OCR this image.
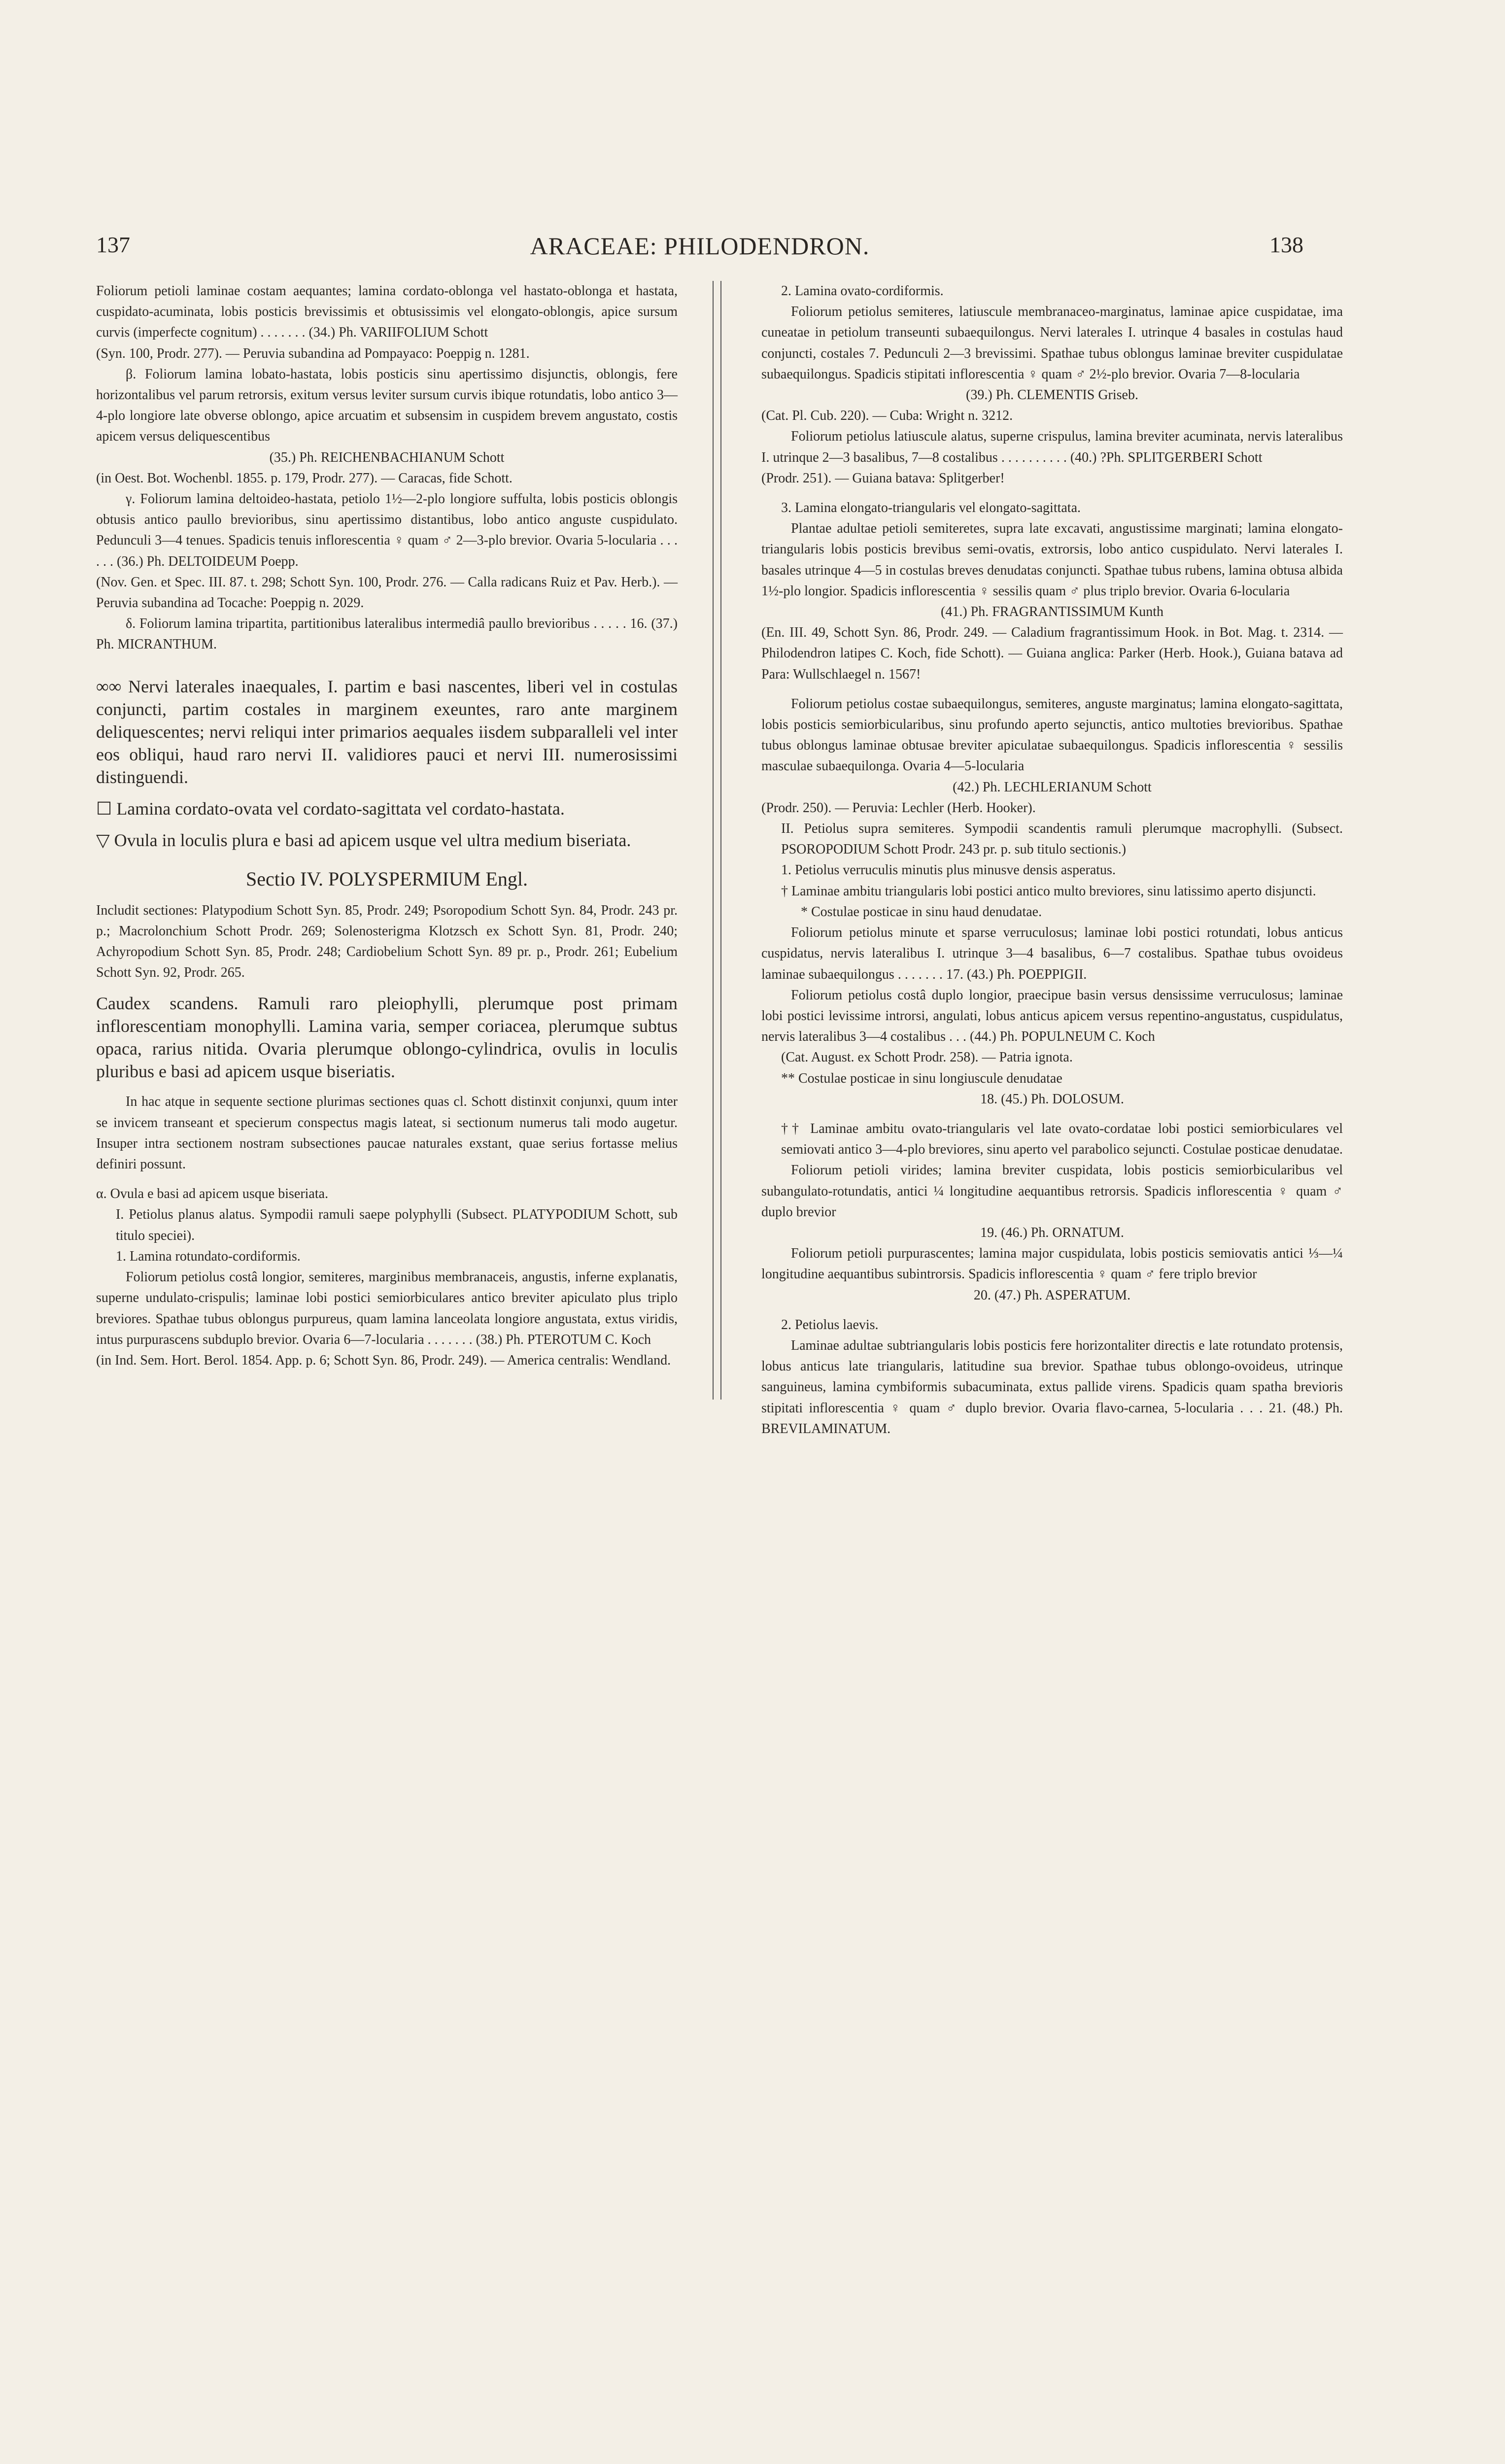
137	ARACEAE: PHILODENDRON.	138

Foliorum petioli laminae costam aequantes; lamina cordato-oblonga vel hastato-oblonga et hastata, cuspidato-acuminata, lobis posticis brevissimis et obtusissimis vel elongato-oblongis, apice sursum curvis (imperfecte cognitum) . . . . . . . (34.) Ph. VARIIFOLIUM Schott

(Syn. 100, Prodr. 277). — Peruvia subandina ad Pompayaco: Poeppig n. 1281.

β. Foliorum lamina lobato-hastata, lobis posticis sinu apertissimo disjunctis, oblongis, fere horizontalibus vel parum retrorsis, exitum versus leviter sursum curvis ibique rotundatis, lobo antico 3—4-plo longiore late obverse oblongo, apice arcuatim et subsensim in cuspidem brevem angustato, costis apicem versus deliquescentibus

(35.) Ph. REICHENBACHIANUM Schott

(in Oest. Bot. Wochenbl. 1855. p. 179, Prodr. 277). — Caracas, fide Schott.

γ. Foliorum lamina deltoideo-hastata, petiolo 1½—2-plo longiore suffulta, lobis posticis oblongis obtusis antico paullo brevioribus, sinu apertissimo distantibus, lobo antico anguste cuspidulato. Pedunculi 3—4 tenues. Spadicis tenuis inflorescentia ♀ quam ♂ 2—3-plo brevior. Ovaria 5-locularia . . . . . . (36.) Ph. DELTOIDEUM Poepp.

(Nov. Gen. et Spec. III. 87. t. 298; Schott Syn. 100, Prodr. 276. — Calla radicans Ruiz et Pav. Herb.). — Peruvia subandina ad Tocache: Poeppig n. 2029.

δ. Foliorum lamina tripartita, partitionibus lateralibus intermediâ paullo brevioribus . . . . . 16. (37.) Ph. MICRANTHUM.

∞∞ Nervi laterales inaequales, I. partim e basi nascentes, liberi vel in costulas conjuncti, partim costales in marginem exeuntes, raro ante marginem deliquescentes; nervi reliqui inter primarios aequales iisdem subparalleli vel inter eos obliqui, haud raro nervi II. validiores pauci et nervi III. numerosissimi distinguendi.

☐ Lamina cordato-ovata vel cordato-sagittata vel cordato-hastata.

▽ Ovula in loculis plura e basi ad apicem usque vel ultra medium biseriata.

Sectio IV. POLYSPERMIUM Engl.

Includit sectiones: Platypodium Schott Syn. 85, Prodr. 249; Psoropodium Schott Syn. 84, Prodr. 243 pr. p.; Macrolonchium Schott Prodr. 269; Solenosterigma Klotzsch ex Schott Syn. 81, Prodr. 240; Achyropodium Schott Syn. 85, Prodr. 248; Cardiobelium Schott Syn. 89 pr. p., Prodr. 261; Eubelium Schott Syn. 92, Prodr. 265.

Caudex scandens. Ramuli raro pleiophylli, plerumque post primam inflorescentiam monophylli. Lamina varia, semper coriacea, plerumque subtus opaca, rarius nitida. Ovaria plerumque oblongo-cylindrica, ovulis in loculis pluribus e basi ad apicem usque biseriatis.

In hac atque in sequente sectione plurimas sectiones quas cl. Schott distinxit conjunxi, quum inter se invicem transeant et specierum conspectus magis lateat, si sectionum numerus tali modo augetur. Insuper intra sectionem nostram subsectiones paucae naturales exstant, quae serius fortasse melius definiri possunt.

α. Ovula e basi ad apicem usque biseriata.

I. Petiolus planus alatus. Sympodii ramuli saepe polyphylli (Subsect. PLATYPODIUM Schott, sub titulo speciei).

1. Lamina rotundato-cordiformis.

Foliorum petiolus costâ longior, semiteres, marginibus membranaceis, angustis, inferne explanatis, superne undulato-crispulis; laminae lobi postici semiorbiculares antico breviter apiculato plus triplo breviores. Spathae tubus oblongus purpureus, quam lamina lanceolata longiore angustata, extus viridis, intus purpurascens subduplo brevior. Ovaria 6—7-locularia . . . . . . . (38.) Ph. PTEROTUM C. Koch

(in Ind. Sem. Hort. Berol. 1854. App. p. 6; Schott Syn. 86, Prodr. 249). — America centralis: Wendland.

2. Lamina ovato-cordiformis.

Foliorum petiolus semiteres, latiuscule membranaceo-marginatus, laminae apice cuspidatae, ima cuneatae in petiolum transeunti subaequilongus. Nervi laterales I. utrinque 4 basales in costulas haud conjuncti, costales 7. Pedunculi 2—3 brevissimi. Spathae tubus oblongus laminae breviter cuspidulatae subaequilongus. Spadicis stipitati inflorescentia ♀ quam ♂ 2½-plo brevior. Ovaria 7—8-locularia

(39.) Ph. CLEMENTIS Griseb.

(Cat. Pl. Cub. 220). — Cuba: Wright n. 3212.

Foliorum petiolus latiuscule alatus, superne crispulus, lamina breviter acuminata, nervis lateralibus I. utrinque 2—3 basalibus, 7—8 costalibus . . . . . . . . . . (40.) ?Ph. SPLITGERBERI Schott

(Prodr. 251). — Guiana batava: Splitgerber!

3. Lamina elongato-triangularis vel elongato-sagittata.

Plantae adultae petioli semiteretes, supra late excavati, angustissime marginati; lamina elongato-triangularis lobis posticis brevibus semi-ovatis, extrorsis, lobo antico cuspidulato. Nervi laterales I. basales utrinque 4—5 in costulas breves denudatas conjuncti. Spathae tubus rubens, lamina obtusa albida 1½-plo longior. Spadicis inflorescentia ♀ sessilis quam ♂ plus triplo brevior. Ovaria 6-locularia

(41.) Ph. FRAGRANTISSIMUM Kunth

(En. III. 49, Schott Syn. 86, Prodr. 249. — Caladium fragrantissimum Hook. in Bot. Mag. t. 2314. — Philodendron latipes C. Koch, fide Schott). — Guiana anglica: Parker (Herb. Hook.), Guiana batava ad Para: Wullschlaegel n. 1567!

Foliorum petiolus costae subaequilongus, semiteres, anguste marginatus; lamina elongato-sagittata, lobis posticis semiorbicularibus, sinu profundo aperto sejunctis, antico multoties brevioribus. Spathae tubus oblongus laminae obtusae breviter apiculatae subaequilongus. Spadicis inflorescentia ♀ sessilis masculae subaequilonga. Ovaria 4—5-locularia

(42.) Ph. LECHLERIANUM Schott

(Prodr. 250). — Peruvia: Lechler (Herb. Hooker).

II. Petiolus supra semiteres. Sympodii scandentis ramuli plerumque macrophylli. (Subsect. PSOROPODIUM Schott Prodr. 243 pr. p. sub titulo sectionis.)

1. Petiolus verruculis minutis plus minusve densis asperatus.

† Laminae ambitu triangularis lobi postici antico multo breviores, sinu latissimo aperto disjuncti.

* Costulae posticae in sinu haud denudatae.

Foliorum petiolus minute et sparse verruculosus; laminae lobi postici rotundati, lobus anticus cuspidatus, nervis lateralibus I. utrinque 3—4 basalibus, 6—7 costalibus. Spathae tubus ovoideus laminae subaequilongus . . . . . . . 17. (43.) Ph. POEPPIGII.

Foliorum petiolus costâ duplo longior, praecipue basin versus densissime verruculosus; laminae lobi postici levissime introrsi, angulati, lobus anticus apicem versus repentino-angustatus, cuspidulatus, nervis lateralibus 3—4 costalibus . . . (44.) Ph. POPULNEUM C. Koch

(Cat. August. ex Schott Prodr. 258). — Patria ignota.

** Costulae posticae in sinu longiuscule denudatae

18. (45.) Ph. DOLOSUM.

†† Laminae ambitu ovato-triangularis vel late ovato-cordatae lobi postici semiorbiculares vel semiovati antico 3—4-plo breviores, sinu aperto vel parabolico sejuncti. Costulae posticae denudatae.

Foliorum petioli virides; lamina breviter cuspidata, lobis posticis semiorbicularibus vel subangulato-rotundatis, antici ¼ longitudine aequantibus retrorsis. Spadicis inflorescentia ♀ quam ♂ duplo brevior

19. (46.) Ph. ORNATUM.

Foliorum petioli purpurascentes; lamina major cuspidulata, lobis posticis semiovatis antici ⅓—¼ longitudine aequantibus subintrorsis. Spadicis inflorescentia ♀ quam ♂ fere triplo brevior

20. (47.) Ph. ASPERATUM.

2. Petiolus laevis.

Laminae adultae subtriangularis lobis posticis fere horizontaliter directis e late rotundato protensis, lobus anticus late triangularis, latitudine sua brevior. Spathae tubus oblongo-ovoideus, utrinque sanguineus, lamina cymbiformis subacuminata, extus pallide virens. Spadicis quam spatha brevioris stipitati inflorescentia ♀ quam ♂ duplo brevior. Ovaria flavo-carnea, 5-locularia . . . 21. (48.) Ph. BREVILAMINATUM.
